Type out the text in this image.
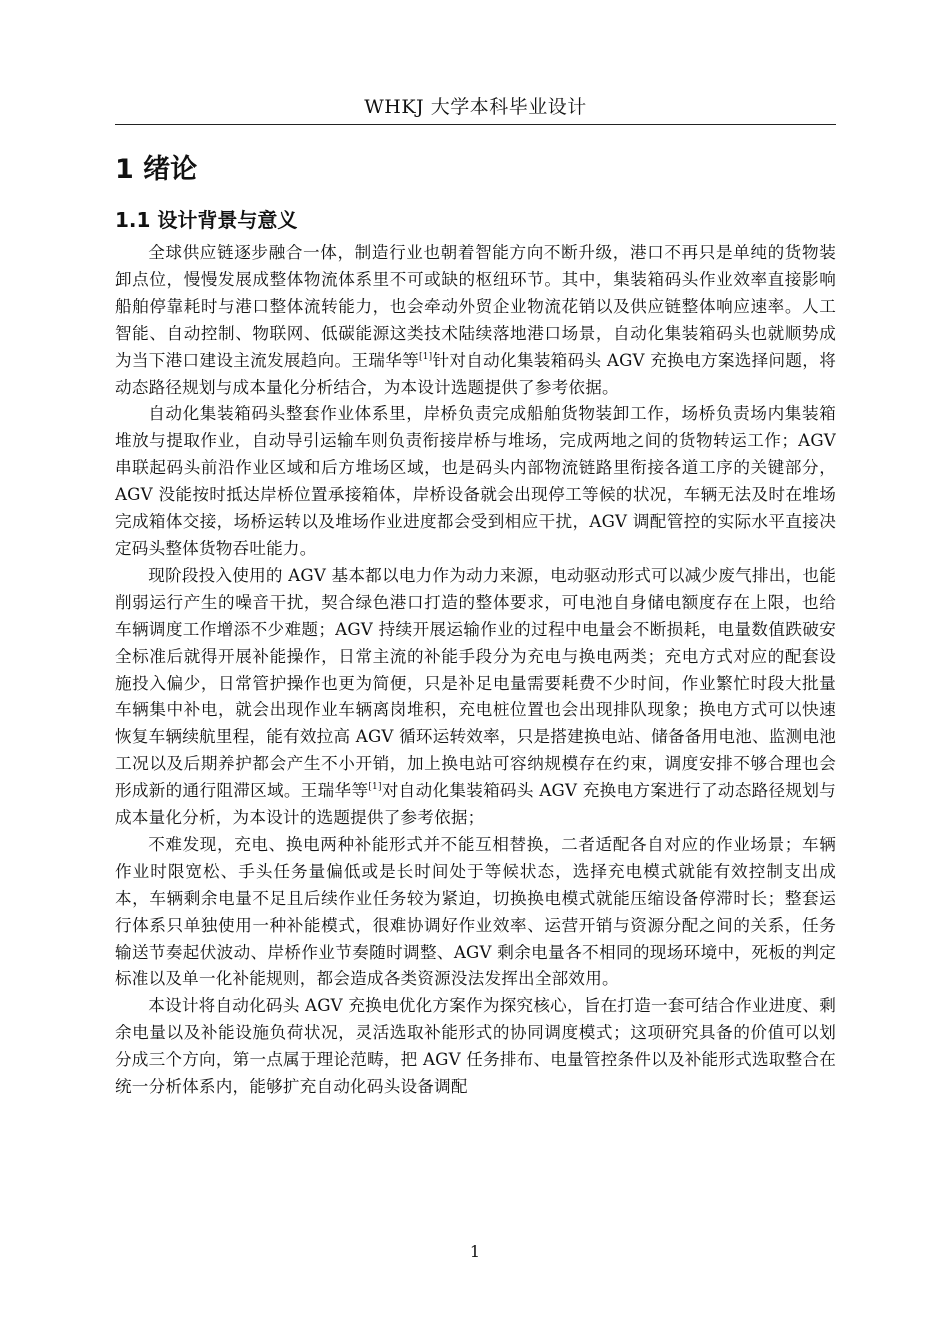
WHKJ 大学本科毕业设计
1 绪论
1.1 设计背景与意义

全球供应链逐步融合一体，制造行业也朝着智能方向不断升级，港口不再只是单纯的货物装卸点位，慢慢发展成整体物流体系里不可或缺的枢纽环节。其中，集装箱码头作业效率直接影响船舶停靠耗时与港口整体流转能力，也会牵动外贸企业物流花销以及供应链整体响应速率。人工智能、自动控制、物联网、低碳能源这类技术陆续落地港口场景，自动化集装箱码头也就顺势成为当下港口建设主流发展趋向。王瑞华等[1]针对自动化集装箱码头 AGV 充换电方案选择问题，将动态路径规划与成本量化分析结合，为本设计选题提供了参考依据。

自动化集装箱码头整套作业体系里，岸桥负责完成船舶货物装卸工作，场桥负责场内集装箱堆放与提取作业，自动导引运输车则负责衔接岸桥与堆场，完成两地之间的货物转运工作；AGV 串联起码头前沿作业区域和后方堆场区域，也是码头内部物流链路里衔接各道工序的关键部分，AGV 没能按时抵达岸桥位置承接箱体，岸桥设备就会出现停工等候的状况，车辆无法及时在堆场完成箱体交接，场桥运转以及堆场作业进度都会受到相应干扰，AGV 调配管控的实际水平直接决定码头整体货物吞吐能力。

现阶段投入使用的 AGV 基本都以电力作为动力来源，电动驱动形式可以减少废气排出，也能削弱运行产生的噪音干扰，契合绿色港口打造的整体要求，可电池自身储电额度存在上限，也给车辆调度工作增添不少难题；AGV 持续开展运输作业的过程中电量会不断损耗，电量数值跌破安全标准后就得开展补能操作，日常主流的补能手段分为充电与换电两类；充电方式对应的配套设施投入偏少，日常管护操作也更为简便，只是补足电量需要耗费不少时间，作业繁忙时段大批量车辆集中补电，就会出现作业车辆离岗堆积，充电桩位置也会出现排队现象；换电方式可以快速恢复车辆续航里程，能有效拉高 AGV 循环运转效率，只是搭建换电站、储备备用电池、监测电池工况以及后期养护都会产生不小开销，加上换电站可容纳规模存在约束，调度安排不够合理也会形成新的通行阻滞区域。王瑞华等[1]对自动化集装箱码头 AGV 充换电方案进行了动态路径规划与成本量化分析，为本设计的选题提供了参考依据；

不难发现，充电、换电两种补能形式并不能互相替换，二者适配各自对应的作业场景；车辆作业时限宽松、手头任务量偏低或是长时间处于等候状态，选择充电模式就能有效控制支出成本，车辆剩余电量不足且后续作业任务较为紧迫，切换换电模式就能压缩设备停滞时长；整套运行体系只单独使用一种补能模式，很难协调好作业效率、运营开销与资源分配之间的关系，任务输送节奏起伏波动、岸桥作业节奏随时调整、AGV 剩余电量各不相同的现场环境中，死板的判定标准以及单一化补能规则，都会造成各类资源没法发挥出全部效用。

本设计将自动化码头 AGV 充换电优化方案作为探究核心，旨在打造一套可结合作业进度、剩余电量以及补能设施负荷状况，灵活选取补能形式的协同调度模式；这项研究具备的价值可以划分成三个方向，第一点属于理论范畴，把 AGV 任务排布、电量管控条件以及补能形式选取整合在统一分析体系内，能够扩充自动化码头设备调配

1
